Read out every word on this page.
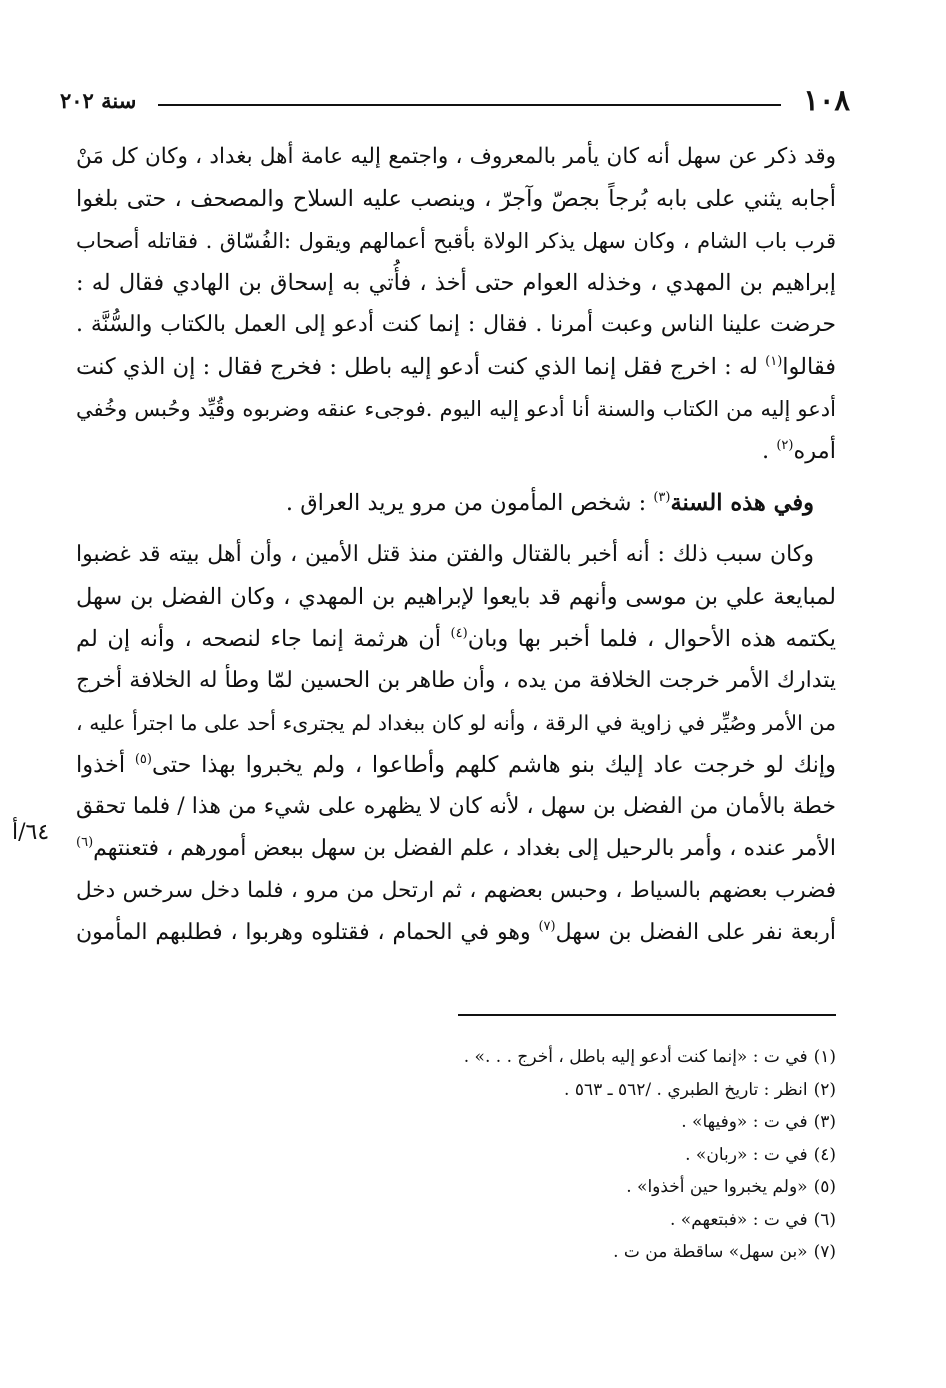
١٠٨
سنة ٢٠٢
٦٤/أ
وقد ذكر عن سهل أنه كان يأمر بالمعروف ، واجتمع إليه عامة أهل بغداد ، وكان كل مَنْ
أجابه يثني على بابه بُرجاً بجصّ وآجرّ ، وينصب عليه السلاح والمصحف ، حتى بلغوا
قرب باب الشام ، وكان سهل يذكر الولاة بأقبح أعمالهم ويقول :الفُسّاق . فقاتله أصحاب
إبراهيم بن المهدي ، وخذله العوام حتى أخذ ، فأُتي به إسحاق بن الهادي فقال له :
حرضت علينا الناس وعبت أمرنا . فقال : إنما كنت أدعو إلى العمل بالكتاب والسُّنَّة .
فقالوا$^{(١)}$ له : اخرج فقل إنما الذي كنت أدعو إليه باطل : فخرج فقال : إن الذي كنت
أدعو إليه من الكتاب والسنة أنا أدعو إليه اليوم .فوجىء عنقه وضربوه وقُيِّد وحُبس وخُفي
أمره$^{(٢)}$ .
وفي هذه السنة$^{(٣)}$ : شخص المأمون من مرو يريد العراق .
وكان سبب ذلك : أنه أخبر بالقتال والفتن منذ قتل الأمين ، وأن أهل بيته قد غضبوا
لمبايعة علي بن موسى وأنهم قد بايعوا لإبراهيم بن المهدي ، وكان الفضل بن سهل
يكتمه هذه الأحوال ، فلما أخبر بها وبان$^{(٤)}$ أن هرثمة إنما جاء لنصحه ، وأنه إن لم
يتدارك الأمر خرجت الخلافة من يده ، وأن طاهر بن الحسين لمّا وطأ له الخلافة أخرج
من الأمر وصُيِّر في زاوية في الرقة ، وأنه لو كان ببغداد لم يجترىء أحد على ما اجترأ عليه ،
وإنك لو خرجت عاد إليك بنو هاشم كلهم وأطاعوا ، ولم يخبروا بهذا حتى$^{(٥)}$ أخذوا
خطة بالأمان من الفضل بن سهل ، لأنه كان لا يظهره على شيء من هذا / فلما تحقق
الأمر عنده ، وأمر بالرحيل إلى بغداد ، علم الفضل بن سهل ببعض أمورهم ، فتعنتهم$^{(٦)}$
فضرب بعضهم بالسياط ، وحبس بعضهم ، ثم ارتحل من مرو ، فلما دخل سرخس دخل
أربعة نفر على الفضل بن سهل$^{(٧)}$ وهو في الحمام ، فقتلوه وهربوا ، فطلبهم المأمون
(١)في ت : «إنما كنت أدعو إليه باطل ، أخرج . . .» .
(٢)انظر : تاريخ الطبري . /٥٦٢ ـ ٥٦٣ .
(٣)في ت : «وفيها» .
(٤)في ت : «ربان» .
(٥)«ولم يخبروا حين أخذوا» .
(٦)في ت : «فبتعهم» .
(٧)«بن سهل» ساقطة من ت .
